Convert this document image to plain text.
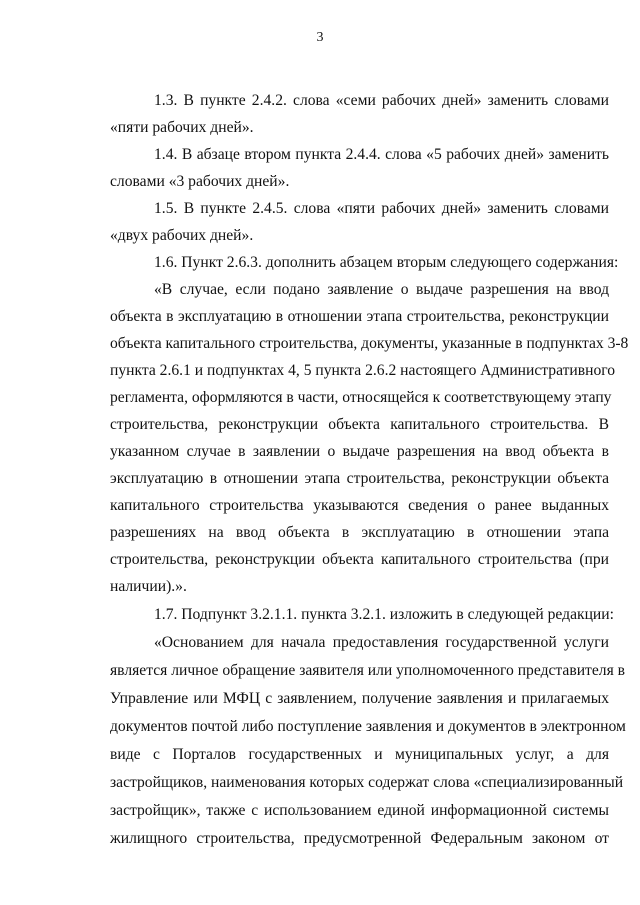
3
1.3. В пункте 2.4.2. слова «семи рабочих дней» заменить словами
«пяти рабочих дней».
1.4. В абзаце втором пункта 2.4.4. слова «5 рабочих дней» заменить
словами «3 рабочих дней».
1.5. В пункте 2.4.5. слова «пяти рабочих дней» заменить словами
«двух рабочих дней».
1.6. Пункт 2.6.3. дополнить абзацем вторым следующего содержания:
«В случае, если подано заявление о выдаче разрешения на ввод
объекта в эксплуатацию в отношении этапа строительства, реконструкции
объекта капитального строительства, документы, указанные в подпунктах 3-8
пункта 2.6.1 и подпунктах 4, 5 пункта 2.6.2 настоящего Административного
регламента, оформляются в части, относящейся к соответствующему этапу
строительства, реконструкции объекта капитального строительства. В
указанном случае в заявлении о выдаче разрешения на ввод объекта в
эксплуатацию в отношении этапа строительства, реконструкции объекта
капитального строительства указываются сведения о ранее выданных
разрешениях на ввод объекта в эксплуатацию в отношении этапа
строительства, реконструкции объекта капитального строительства (при
наличии).».
1.7. Подпункт 3.2.1.1. пункта 3.2.1. изложить в следующей редакции:
«Основанием для начала предоставления государственной услуги
является личное обращение заявителя или уполномоченного представителя в
Управление или МФЦ с заявлением, получение заявления и прилагаемых
документов почтой либо поступление заявления и документов в электронном
виде с Порталов государственных и муниципальных услуг, а для
застройщиков, наименования которых содержат слова «специализированный
застройщик», также с использованием единой информационной системы
жилищного строительства, предусмотренной Федеральным законом от
